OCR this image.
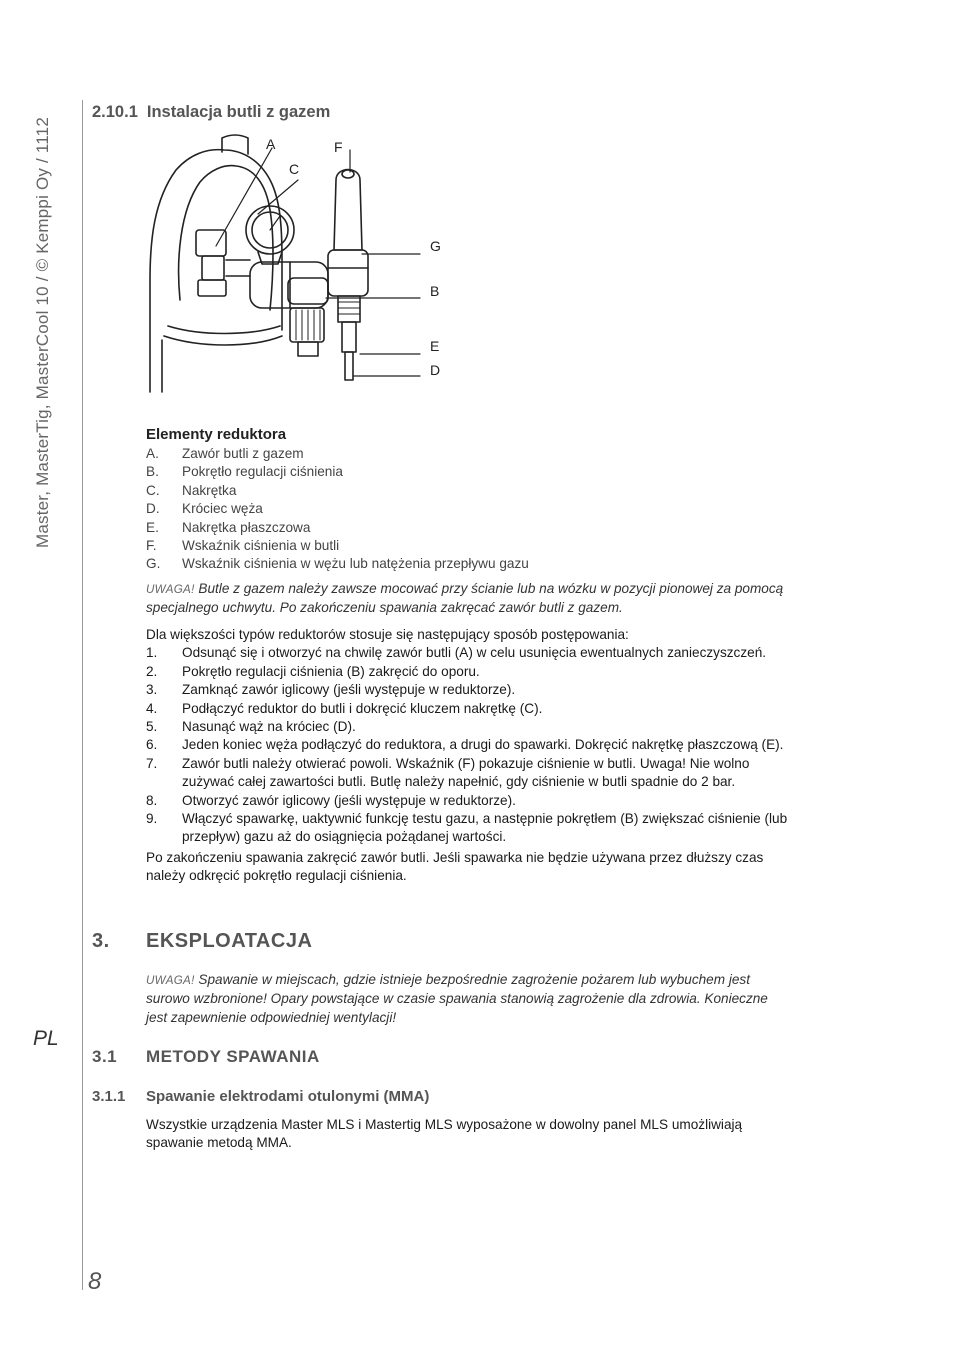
Master, MasterTig, MasterCool 10 / © Kemppi Oy / 1112
PL
8
2.10.1 Instalacja butli z gazem
A
C
F
G
B
E
D
Elementy reduktora
A.	Zawór butli z gazem
B.	Pokrętło regulacji ciśnienia
C.	Nakrętka
D.	Króciec węża
E.	Nakrętka płaszczowa
F.	Wskaźnik ciśnienia w butli
G.	Wskaźnik ciśnienia w wężu lub natężenia przepływu gazu
UWAGA! Butle z gazem należy zawsze mocować przy ścianie lub na wózku w pozycji pionowej za pomocą specjalnego uchwytu. Po zakończeniu spawania zakręcać zawór butli z gazem.
Dla większości typów reduktorów stosuje się następujący sposób postępowania:
1.	Odsunąć się i otworzyć na chwilę zawór butli (A) w celu usunięcia ewentualnych zanieczyszczeń.
2.	Pokrętło regulacji ciśnienia (B) zakręcić do oporu.
3.	Zamknąć zawór iglicowy (jeśli występuje w reduktorze).
4.	Podłączyć reduktor do butli i dokręcić kluczem nakrętkę (C).
5.	Nasunąć wąż na króciec (D).
6.	Jeden koniec węża podłączyć do reduktora, a drugi do spawarki. Dokręcić nakrętkę płaszczową (E).
7.	Zawór butli należy otwierać powoli. Wskaźnik (F) pokazuje ciśnienie w butli. Uwaga! Nie wolno zużywać całej zawartości butli. Butlę należy napełnić, gdy ciśnienie w butli spadnie do 2 bar.
8.	Otworzyć zawór iglicowy (jeśli występuje w reduktorze).
9.	Włączyć spawarkę, uaktywnić funkcję testu gazu, a następnie pokrętłem (B) zwiększać ciśnienie (lub przepływ) gazu aż do osiągnięcia pożądanej wartości.
Po zakończeniu spawania zakręcić zawór butli. Jeśli spawarka nie będzie używana przez dłuższy czas należy odkręcić pokrętło regulacji ciśnienia.
3. EKSPLOATACJA
UWAGA! Spawanie w miejscach, gdzie istnieje bezpośrednie zagrożenie pożarem lub wybuchem jest surowo wzbronione! Opary powstające w czasie spawania stanowią zagrożenie dla zdrowia. Konieczne jest zapewnienie odpowiedniej wentylacji!
3.1 METODY SPAWANIA
3.1.1 Spawanie elektrodami otulonymi (MMA)
Wszystkie urządzenia Master MLS i Mastertig MLS wyposażone w dowolny panel MLS umożliwiają spawanie metodą MMA.
